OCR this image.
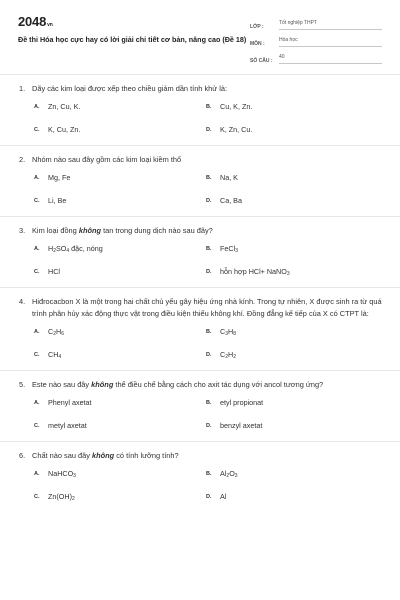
2048vn
Đề thi Hóa học cực hay có lời giải chi tiết cơ bản, nâng cao (Đề 18)
LỚP :
Tốt nghiệp THPT
MÔN :
Hóa học
SỐ CÂU :
40
1. Dãy các kim loại được xếp theo chiều giảm dần tính khử là:
A.	Zn, Cu, K.	B.	Cu, K, Zn.
C.	K, Cu, Zn.	D.	K, Zn, Cu.
2. Nhóm nào sau đây gồm các kim loại kiềm thổ
A.	Mg, Fe	B.	Na, K
C.	Li, Be	D.	Ca, Ba
3. Kim loại đồng không tan trong dung dịch nào sau đây?
A.	$H_2SO_4$ đặc, nóng	B.	FeCl$_3$
C.	HCl	D.	hỗn hợp HCl+ NaNO$_3$
4. Hiđrocacbon X là một trong hai chất chủ yếu gây hiệu ứng nhà kính. Trong tự nhiên, X được sinh ra từ quá trình phân hủy xác động thực vật trong điều kiện thiếu không khí. Đồng đẳng kế tiếp của X có CTPT là:
A.	$C_2H_6$	B.	$C_3H_8$
C.	$CH_4$	D.	$C_2H_2$
5. Este nào sau đây không thể điều chế bằng cách cho axit tác dụng với ancol tương ứng?
A.	Phenyl axetat	B.	etyl propionat
C.	metyl axetat	D.	benzyl axetat
6. Chất nào sau đây không có tính lưỡng tính?
A.	NaHCO$_3$	B.	$Al_2O_3$
C.	$Zn(OH)_2$	D.	Al
